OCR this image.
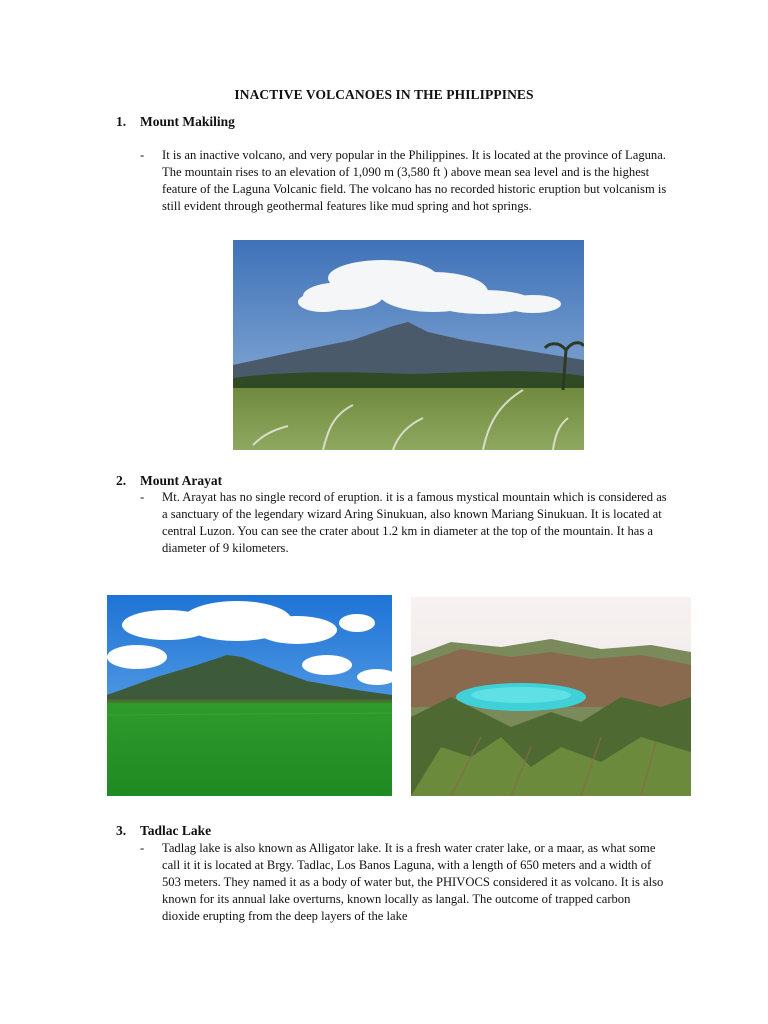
INACTIVE VOLCANOES IN THE PHILIPPINES
1. Mount Makiling
- It is an inactive volcano, and very popular in the Philippines. It is located at the province of Laguna. The mountain rises to an elevation of 1,090 m (3,580 ft ) above mean sea level and is the highest feature of the Laguna Volcanic field. The volcano has no recorded historic eruption but volcanism is still evident through geothermal features like mud spring and hot springs.

2. Mount Arayat
- Mt. Arayat has no single record of eruption. it is a famous mystical mountain which is considered as a sanctuary of the legendary wizard Aring Sinukuan, also known Mariang Sinukuan. It is located at central Luzon. You can see the crater about 1.2 km in diameter at the top of the mountain. It has a diameter of 9 kilometers.

3. Tadlac Lake
- Tadlag lake is also known as Alligator lake. It is a fresh water crater lake, or a maar, as what some call it it is located at Brgy. Tadlac, Los Banos Laguna, with a length of 650 meters and a width of 503 meters. They named it as a body of water but, the PHIVOCS considered it as volcano. It is also known for its annual lake overturns, known locally as langal. The outcome of trapped carbon dioxide erupting from the deep layers of the lake
